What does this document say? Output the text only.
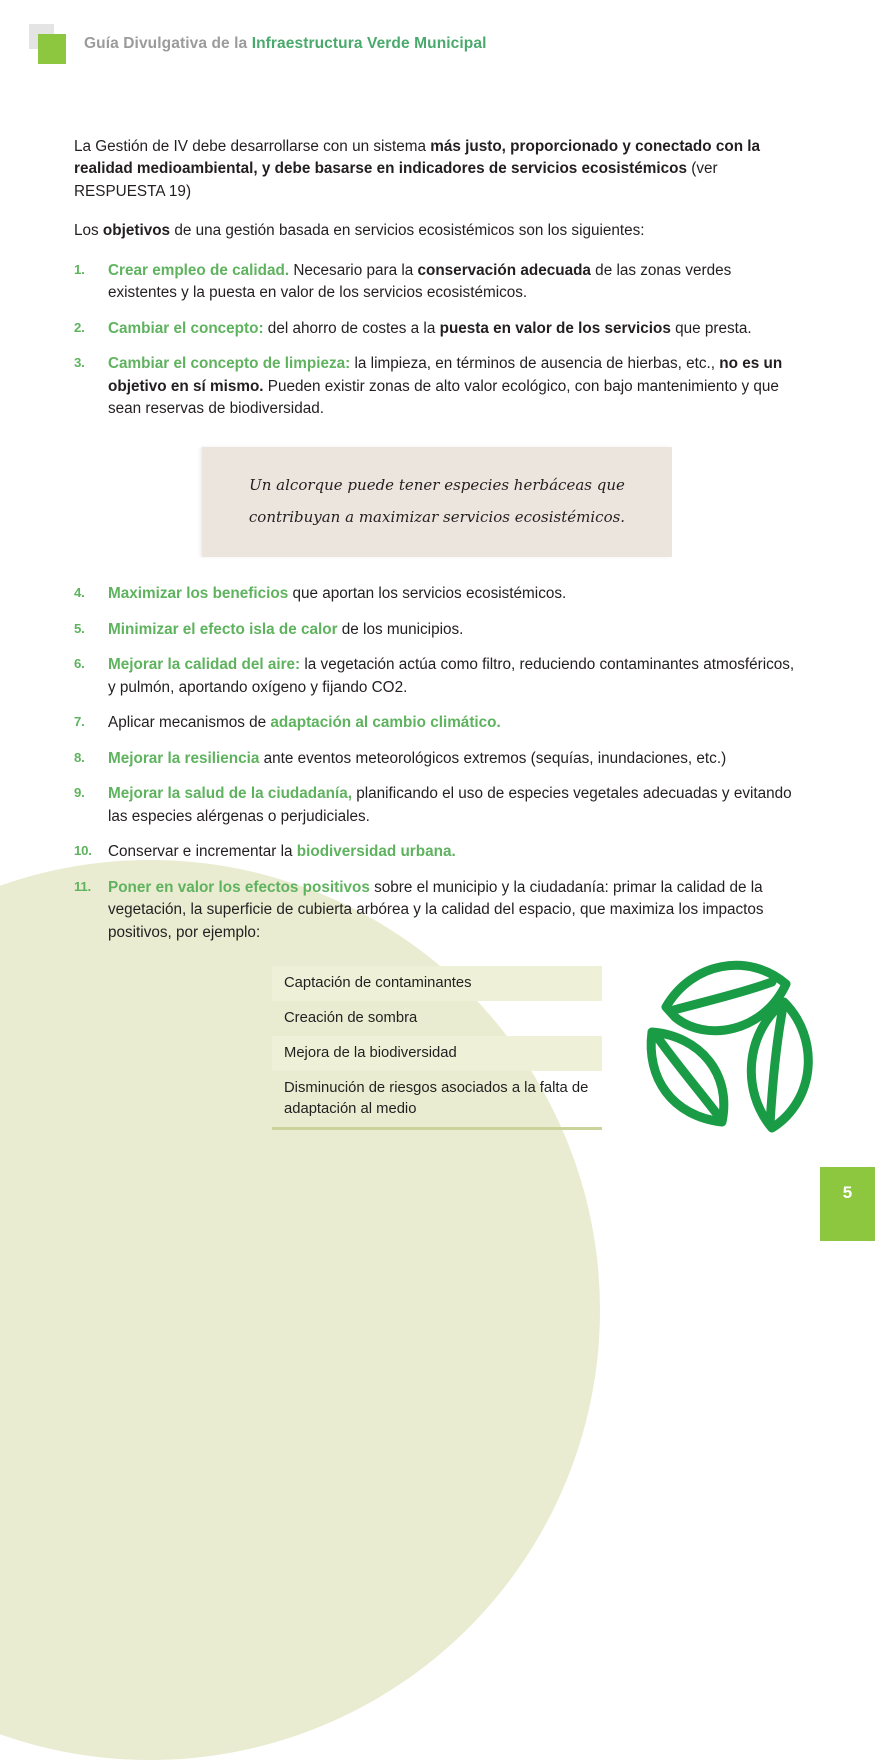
Guía Divulgativa de la Infraestructura Verde Municipal

La Gestión de IV debe desarrollarse con un sistema más justo, proporcionado y conectado con la realidad medioambiental, y debe basarse en indicadores de servicios ecosistémicos (ver RESPUESTA 19)

Los objetivos de una gestión basada en servicios ecosistémicos son los siguientes:

1.	Crear empleo de calidad. Necesario para la conservación adecuada de las zonas verdes existentes y la puesta en valor de los servicios ecosistémicos.
2.	Cambiar el concepto: del ahorro de costes a la puesta en valor de los servicios que presta.
3.	Cambiar el concepto de limpieza: la limpieza, en términos de ausencia de hierbas, etc., no es un objetivo en sí mismo. Pueden existir zonas de alto valor ecológico, con bajo mantenimiento y que sean reservas de biodiversidad.
Un alcorque puede tener especies herbáceas que
contribuyan a maximizar servicios ecosistémicos.
4.	Maximizar los beneficios que aportan los servicios ecosistémicos.
5.	Minimizar el efecto isla de calor de los municipios.
6.	Mejorar la calidad del aire: la vegetación actúa como filtro, reduciendo contaminantes atmosféricos, y pulmón, aportando oxígeno y fijando CO2.
7.	Aplicar mecanismos de adaptación al cambio climático.
8.	Mejorar la resiliencia ante eventos meteorológicos extremos (sequías, inundaciones, etc.)
9.	Mejorar la salud de la ciudadanía, planificando el uso de especies vegetales adecuadas y evitando las especies alérgenas o perjudiciales.
10.	Conservar e incrementar la biodiversidad urbana.
11.	Poner en valor los efectos positivos sobre el municipio y la ciudadanía: primar la calidad de la vegetación, la superficie de cubierta arbórea y la calidad del espacio, que maximiza los impactos positivos, por ejemplo:
Captación de contaminantes
Creación de sombra
Mejora de la biodiversidad
Disminución de riesgos asociados a la falta de adaptación al medio
5
